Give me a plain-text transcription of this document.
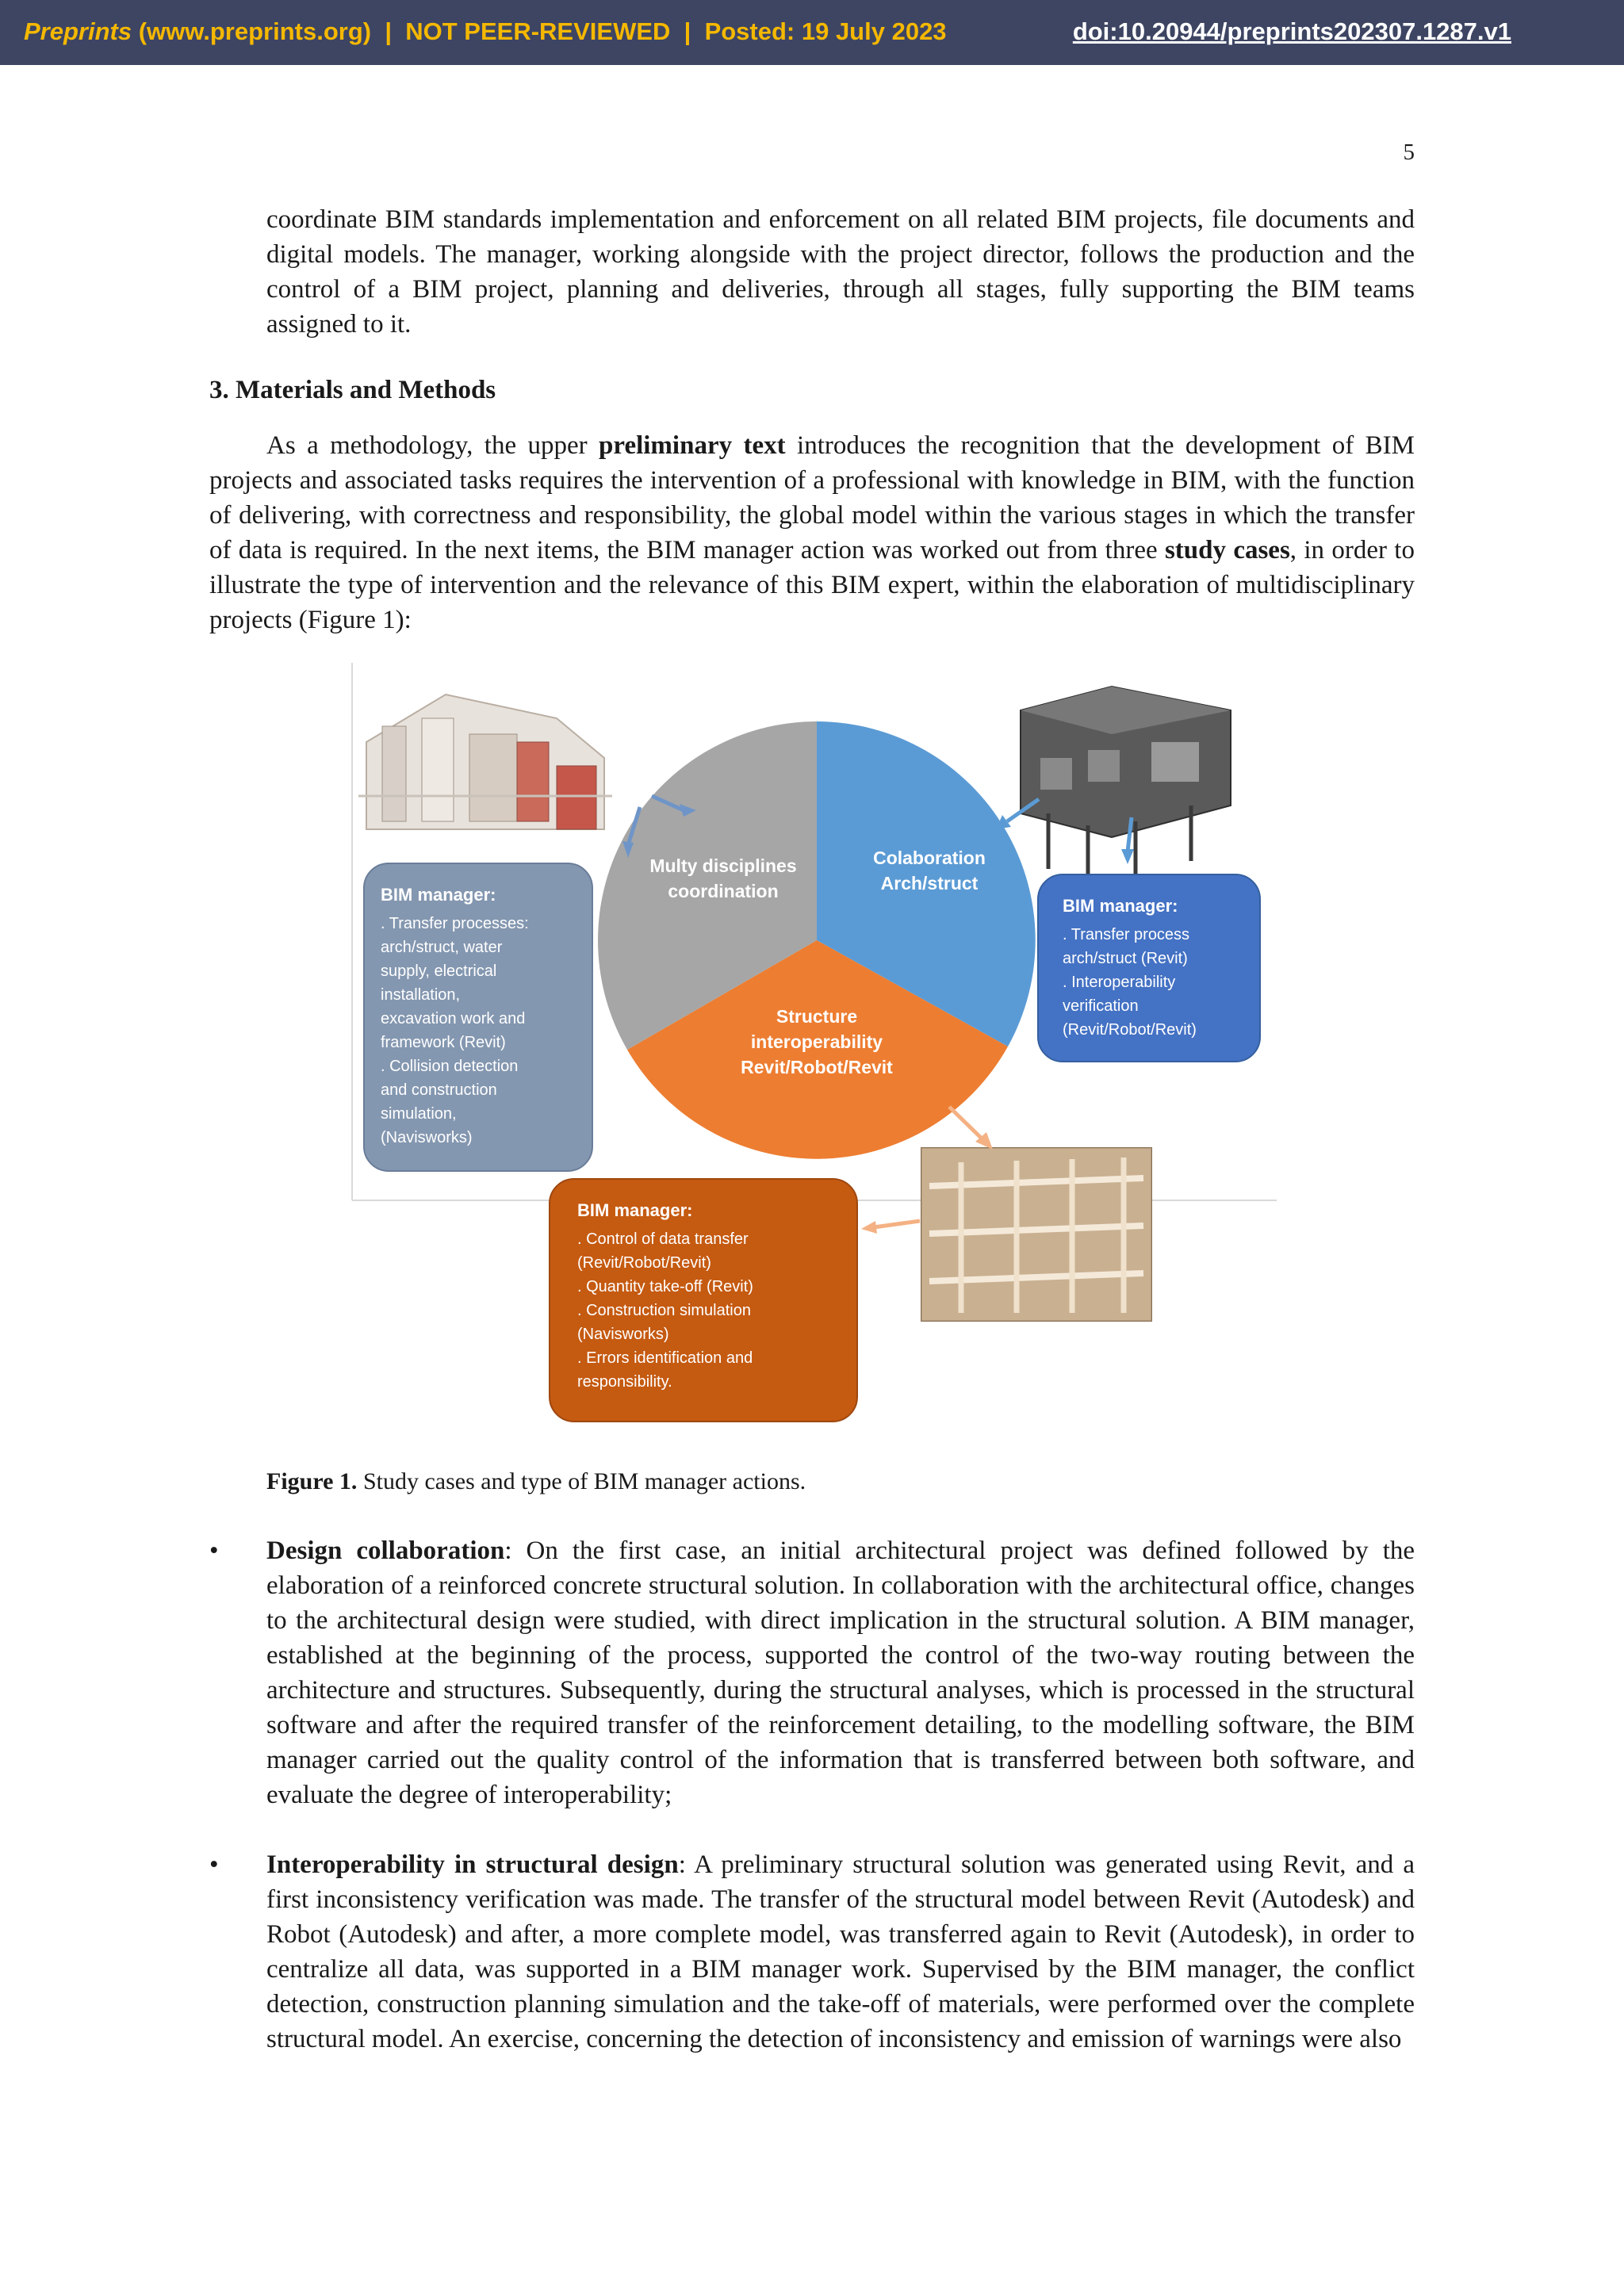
Preprints (www.preprints.org) | NOT PEER-REVIEWED | Posted: 19 July 2023	doi:10.20944/preprints202307.1287.v1
5

coordinate BIM standards implementation and enforcement on all related BIM projects, file documents and digital models. The manager, working alongside with the project director, follows the production and the control of a BIM project, planning and deliveries, through all stages, fully supporting the BIM teams assigned to it.

3. Materials and Methods

As a methodology, the upper preliminary text introduces the recognition that the development of BIM projects and associated tasks requires the intervention of a professional with knowledge in BIM, with the function of delivering, with correctness and responsibility, the global model within the various stages in which the transfer of data is required. In the next items, the BIM manager action was worked out from three study cases, in order to illustrate the type of intervention and the relevance of this BIM expert, within the elaboration of multidisciplinary projects (Figure 1):

Multy disciplines
coordination
Colaboration
Arch/struct
Structure
interoperability
Revit/Robot/Revit
BIM manager:
. Transfer processes:
arch/struct, water
supply, electrical
installation,
excavation work and
framework (Revit)
. Collision detection
and construction
simulation,
(Navisworks)
BIM manager:
. Transfer process
arch/struct (Revit)
. Interoperability
verification
(Revit/Robot/Revit)
BIM manager:
. Control of data transfer
(Revit/Robot/Revit)
. Quantity take-off (Revit)
. Construction simulation
(Navisworks)
. Errors identification and
responsibility.
Figure 1. Study cases and type of BIM manager actions.
• Design collaboration: On the first case, an initial architectural project was defined followed by the elaboration of a reinforced concrete structural solution. In collaboration with the architectural office, changes to the architectural design were studied, with direct implication in the structural solution. A BIM manager, established at the beginning of the process, supported the control of the two-way routing between the architecture and structures. Subsequently, during the structural analyses, which is processed in the structural software and after the required transfer of the reinforcement detailing, to the modelling software, the BIM manager carried out the quality control of the information that is transferred between both software, and evaluate the degree of interoperability;

• Interoperability in structural design: A preliminary structural solution was generated using Revit, and a first inconsistency verification was made. The transfer of the structural model between Revit (Autodesk) and Robot (Autodesk) and after, a more complete model, was transferred again to Revit (Autodesk), in order to centralize all data, was supported in a BIM manager work. Supervised by the BIM manager, the conflict detection, construction planning simulation and the take-off of materials, were performed over the complete structural model. An exercise, concerning the detection of inconsistency and emission of warnings were also
